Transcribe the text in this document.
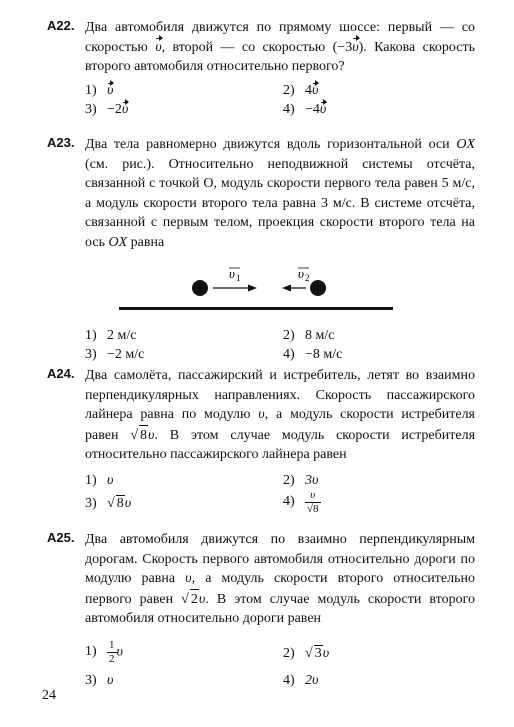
А22. Два автомобиля движутся по прямому шоссе: первый — со скоростью υ, второй — со скоростью (−3υ). Какова скорость второго автомобиля относительно первого?
1) υ	2) 4υ
3) −2υ	4) −4υ
А23. Два тела равномерно движутся вдоль горизонтальной оси OX (см. рис.). Относительно неподвижной системы отсчёта, связанной с точкой О, модуль скорости первого тела равен 5 м/с, а модуль скорости второго тела равна 3 м/с. В системе отсчёта, связанной с первым телом, проекция скорости второго тела на ось OX равна
υ 1	υ 2
1) 2 м/с	2) 8 м/с
3) −2 м/с	4) −8 м/с
А24. Два самолёта, пассажирский и истребитель, летят во взаимно перпендикулярных направлениях. Скорость пассажирского лайнера равна по модулю υ, а модуль скорости истребителя равен √ 8υ. В этом случае модуль скорости истребителя относительно пассажирского лайнера равен
1) υ	2) 3υ
3) √ 8υ	$4) \frac{\upsilon}{√8}$
А25. Два автомобиля движутся по взаимно перпендикулярным дорогам. Скорость первого автомобиля относительно дороги по модулю равна υ, а модуль скорости второго относительно первого равен √ 2υ. В этом случае модуль скорости второго автомобиля относительно дороги равен
$1) \frac{1}{2}$ υ	2) √ 3υ
3) υ	4) 2υ
24
